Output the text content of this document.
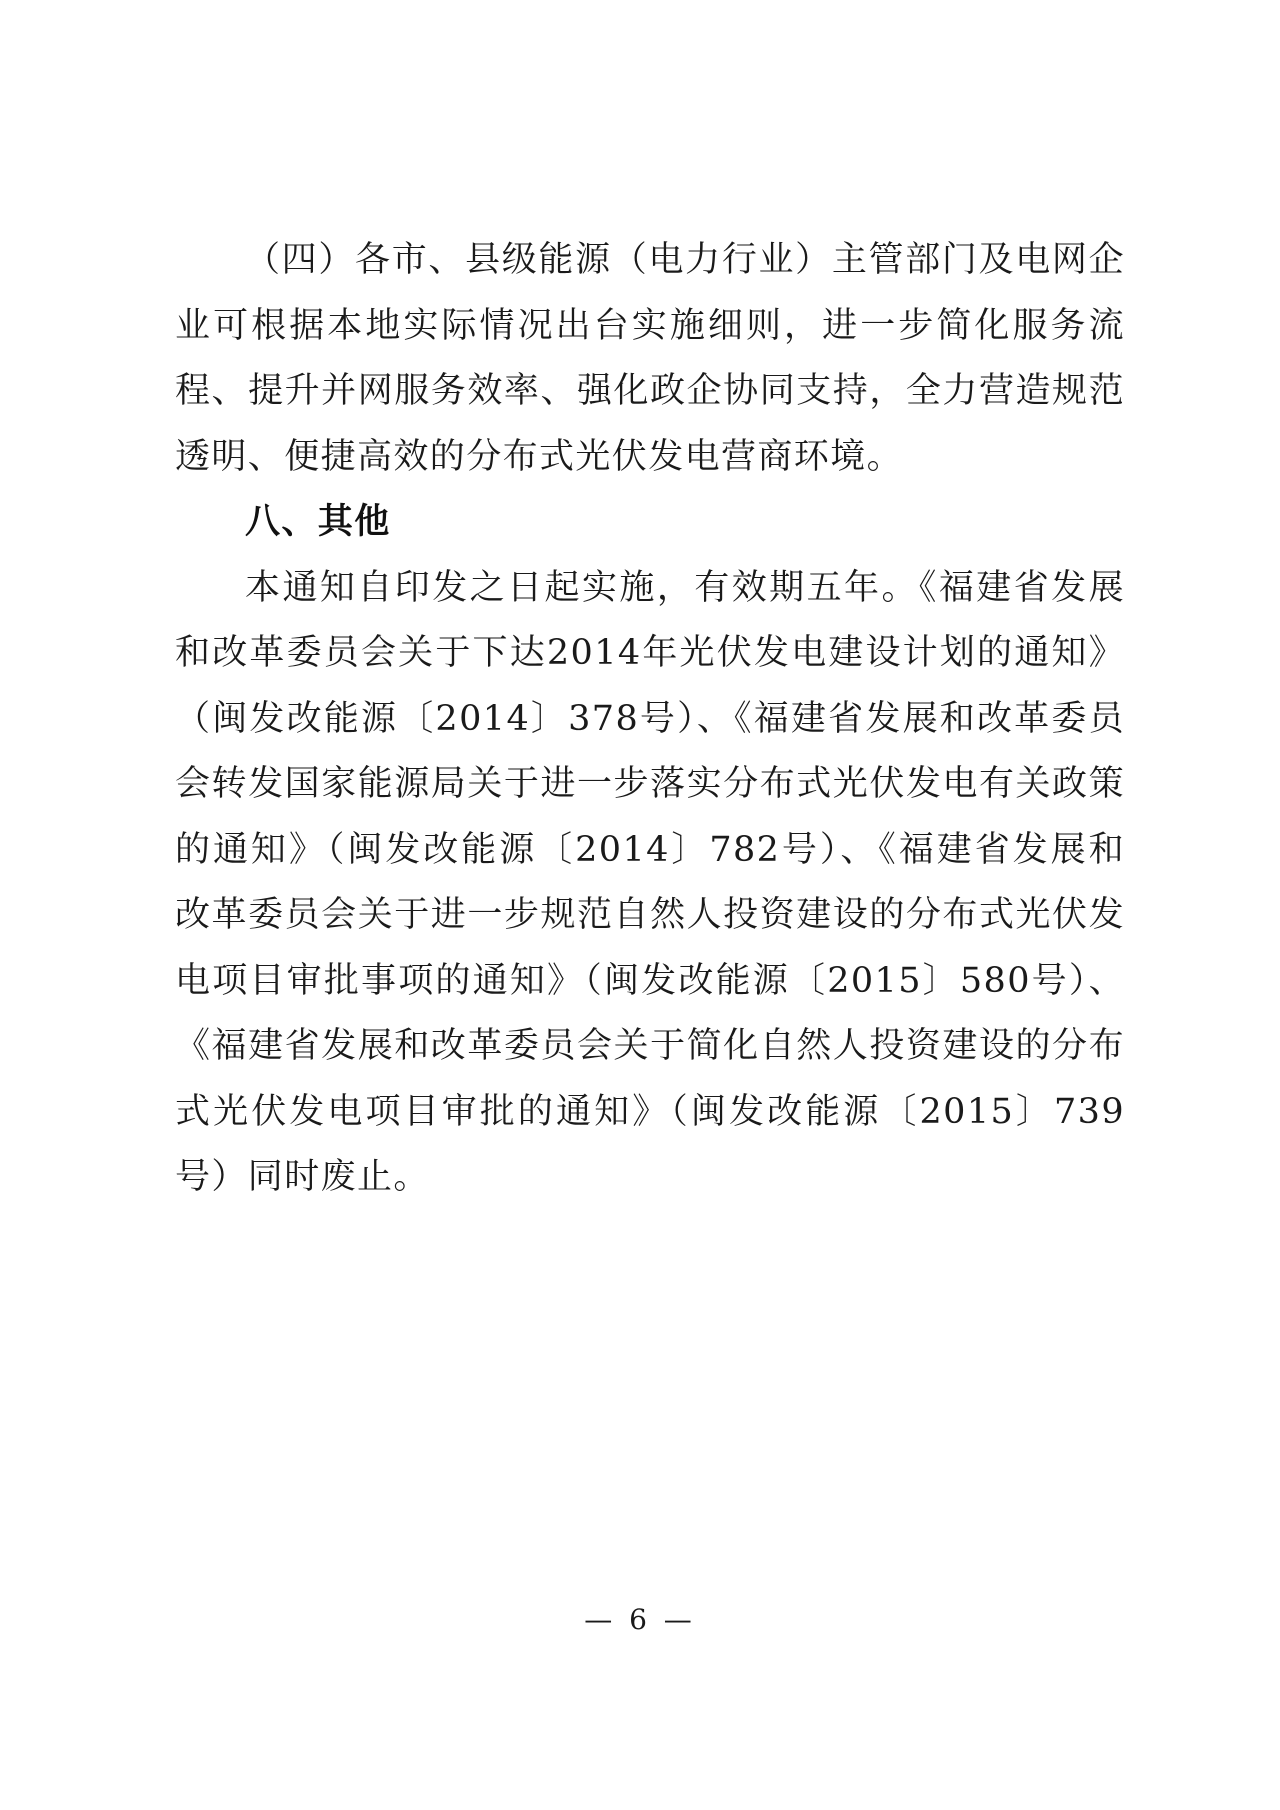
（四）各市、县级能源（电力行业）主管部门及电网企业可根据本地实际情况出台实施细则，进一步简化服务流程、提升并网服务效率、强化政企协同支持，全力营造规范透明、便捷高效的分布式光伏发电营商环境。

八、其他

本通知自印发之日起实施，有效期五年。《福建省发展和改革委员会关于下达2014年光伏发电建设计划的通知》（闽发改能源〔2014〕378号）、《福建省发展和改革委员会转发国家能源局关于进一步落实分布式光伏发电有关政策的通知》（闽发改能源〔2014〕782号）、《福建省发展和改革委员会关于进一步规范自然人投资建设的分布式光伏发电项目审批事项的通知》（闽发改能源〔2015〕580号）、《福建省发展和改革委员会关于简化自然人投资建设的分布式光伏发电项目审批的通知》（闽发改能源〔2015〕739号）同时废止。

— 6 —
